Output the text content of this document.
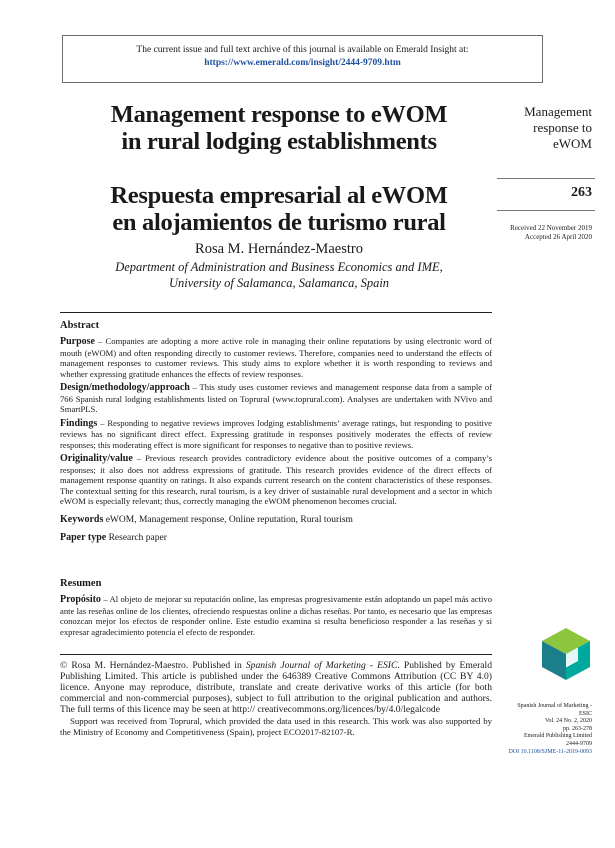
The current issue and full text archive of this journal is available on Emerald Insight at:
https://www.emerald.com/insight/2444-9709.htm
Management response to eWOM
in rural lodging establishments
Respuesta empresarial al eWOM
en alojamientos de turismo rural
Management
response to
eWOM
263
Received 22 November 2019
Accepted 26 April 2020
Rosa M. Hernández-Maestro
Department of Administration and Business Economics and IME,
University of Salamanca, Salamanca, Spain
Abstract

Purpose – Companies are adopting a more active role in managing their online reputations by using electronic word of mouth (eWOM) and often responding directly to customer reviews. Therefore, companies need to understand the effects of management responses to customer reviews. This study aims to explore whether it is worth responding to reviews and whether expressing gratitude enhances the effects of review responses.

Design/methodology/approach – This study uses customer reviews and management response data from a sample of 766 Spanish rural lodging establishments listed on Toprural (www.toprural.com). Analyses are undertaken with NVivo and SmartPLS.

Findings – Responding to negative reviews improves lodging establishments’ average ratings, but responding to positive reviews has no significant direct effect. Expressing gratitude in responses positively moderates the effects of review responses; this moderating effect is more significant for responses to negative than to positive reviews.

Originality/value – Previous research provides contradictory evidence about the positive outcomes of a company’s responses; it also does not address expressions of gratitude. This research provides evidence of the direct effects of management response quantity on ratings. It also expands current research on the content characteristics of these responses. The contextual setting for this research, rural tourism, is a key driver of sustainable rural development and a sector in which eWOM is especially relevant; thus, correctly managing the eWOM phenomenon becomes crucial.

Keywords eWOM, Management response, Online reputation, Rural tourism
Paper type Research paper
Resumen

Propósito – Al objeto de mejorar su reputación online, las empresas progresivamente están adoptando un papel más activo ante las reseñas online de los clientes, ofreciendo respuestas online a dichas reseñas. Por tanto, es necesario que las empresas conozcan mejor los efectos de responder online. Este estudio examina si resulta beneficioso responder a las reseñas y si expresar agradecimiento potencia el efecto de responder.

© Rosa M. Hernández-Maestro. Published in Spanish Journal of Marketing - ESIC. Published by Emerald Publishing Limited. This article is published under the 646389 Creative Commons Attribution (CC BY 4.0) licence. Anyone may reproduce, distribute, translate and create derivative works of this article (for both commercial and non-commercial purposes), subject to full attribution to the original publication and authors. The full terms of this licence may be seen at http:// creativecommons.org/licences/by/4.0/legalcode

Support was received from Toprural, which provided the data used in this research. This work was also supported by the Ministry of Economy and Competitiveness (Spain), project ECO2017-82107-R.

Spanish Journal of Marketing -
ESIC
Vol. 24 No. 2, 2020
pp. 263-278
Emerald Publishing Limited
2444-9709
DOI 10.1108/SJME-11-2019-0093
